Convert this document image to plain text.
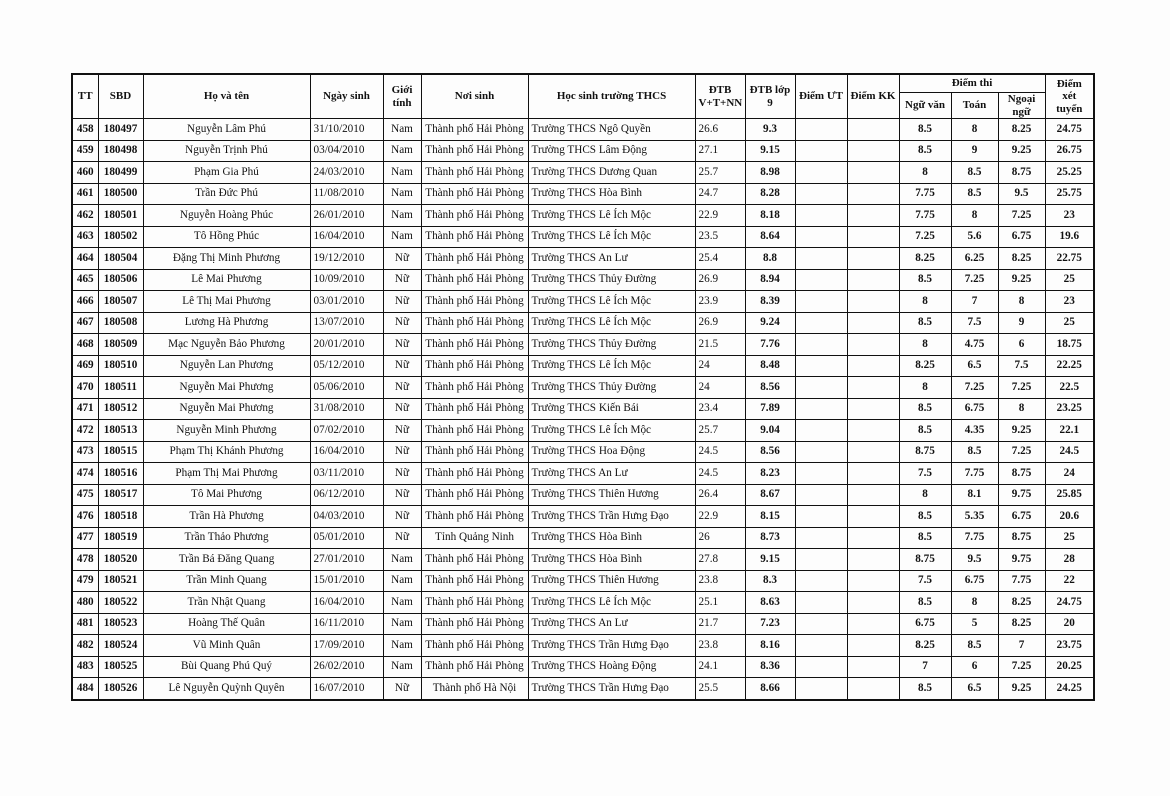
TT	SBD	Họ và tên	Ngày sinh	Giới tính	Nơi sinh	Học sinh trường THCS	ĐTB V+T+NN	ĐTB lớp 9	Điểm ƯT	Điểm KK	Điểm thi			Điểm xét tuyển
											Ngữ văn	Toán	Ngoại ngữ	
458	180497	Nguyễn Lâm Phú	31/10/2010	Nam	Thành phố Hải Phòng	Trường THCS Ngô Quyền	26.6	9.3			8.5	8	8.25	24.75
459	180498	Nguyễn Trịnh Phú	03/04/2010	Nam	Thành phố Hải Phòng	Trường THCS Lâm Động	27.1	9.15			8.5	9	9.25	26.75
460	180499	Phạm Gia Phú	24/03/2010	Nam	Thành phố Hải Phòng	Trường THCS Dương Quan	25.7	8.98			8	8.5	8.75	25.25
461	180500	Trần Đức Phú	11/08/2010	Nam	Thành phố Hải Phòng	Trường THCS Hòa Bình	24.7	8.28			7.75	8.5	9.5	25.75
462	180501	Nguyễn Hoàng Phúc	26/01/2010	Nam	Thành phố Hải Phòng	Trường THCS Lê Ích Mộc	22.9	8.18			7.75	8	7.25	23
463	180502	Tô Hồng Phúc	16/04/2010	Nam	Thành phố Hải Phòng	Trường THCS Lê Ích Mộc	23.5	8.64			7.25	5.6	6.75	19.6
464	180504	Đặng Thị Minh Phương	19/12/2010	Nữ	Thành phố Hải Phòng	Trường THCS An Lư	25.4	8.8			8.25	6.25	8.25	22.75
465	180506	Lê Mai Phương	10/09/2010	Nữ	Thành phố Hải Phòng	Trường THCS Thủy Đường	26.9	8.94			8.5	7.25	9.25	25
466	180507	Lê Thị Mai Phương	03/01/2010	Nữ	Thành phố Hải Phòng	Trường THCS Lê Ích Mộc	23.9	8.39			8	7	8	23
467	180508	Lương Hà Phương	13/07/2010	Nữ	Thành phố Hải Phòng	Trường THCS Lê Ích Mộc	26.9	9.24			8.5	7.5	9	25
468	180509	Mạc Nguyễn Bảo Phương	20/01/2010	Nữ	Thành phố Hải Phòng	Trường THCS Thủy Đường	21.5	7.76			8	4.75	6	18.75
469	180510	Nguyễn Lan Phương	05/12/2010	Nữ	Thành phố Hải Phòng	Trường THCS Lê Ích Mộc	24	8.48			8.25	6.5	7.5	22.25
470	180511	Nguyễn Mai Phương	05/06/2010	Nữ	Thành phố Hải Phòng	Trường THCS Thủy Đường	24	8.56			8	7.25	7.25	22.5
471	180512	Nguyễn Mai Phương	31/08/2010	Nữ	Thành phố Hải Phòng	Trường THCS Kiến Bái	23.4	7.89			8.5	6.75	8	23.25
472	180513	Nguyễn Minh Phương	07/02/2010	Nữ	Thành phố Hải Phòng	Trường THCS Lê Ích Mộc	25.7	9.04			8.5	4.35	9.25	22.1
473	180515	Phạm Thị Khánh Phương	16/04/2010	Nữ	Thành phố Hải Phòng	Trường THCS Hoa Động	24.5	8.56			8.75	8.5	7.25	24.5
474	180516	Phạm Thị Mai Phương	03/11/2010	Nữ	Thành phố Hải Phòng	Trường THCS An Lư	24.5	8.23			7.5	7.75	8.75	24
475	180517	Tô Mai Phương	06/12/2010	Nữ	Thành phố Hải Phòng	Trường THCS Thiên Hương	26.4	8.67			8	8.1	9.75	25.85
476	180518	Trần Hà Phương	04/03/2010	Nữ	Thành phố Hải Phòng	Trường THCS Trần Hưng Đạo	22.9	8.15			8.5	5.35	6.75	20.6
477	180519	Trần Thảo Phương	05/01/2010	Nữ	Tỉnh Quảng Ninh	Trường THCS Hòa Bình	26	8.73			8.5	7.75	8.75	25
478	180520	Trần Bá Đăng Quang	27/01/2010	Nam	Thành phố Hải Phòng	Trường THCS Hòa Bình	27.8	9.15			8.75	9.5	9.75	28
479	180521	Trần Minh Quang	15/01/2010	Nam	Thành phố Hải Phòng	Trường THCS Thiên Hương	23.8	8.3			7.5	6.75	7.75	22
480	180522	Trần Nhật Quang	16/04/2010	Nam	Thành phố Hải Phòng	Trường THCS Lê Ích Mộc	25.1	8.63			8.5	8	8.25	24.75
481	180523	Hoàng Thế Quân	16/11/2010	Nam	Thành phố Hải Phòng	Trường THCS An Lư	21.7	7.23			6.75	5	8.25	20
482	180524	Vũ Minh Quân	17/09/2010	Nam	Thành phố Hải Phòng	Trường THCS Trần Hưng Đạo	23.8	8.16			8.25	8.5	7	23.75
483	180525	Bùi Quang Phú Quý	26/02/2010	Nam	Thành phố Hải Phòng	Trường THCS Hoàng Động	24.1	8.36			7	6	7.25	20.25
484	180526	Lê Nguyễn Quỳnh Quyên	16/07/2010	Nữ	Thành phố Hà Nội	Trường THCS Trần Hưng Đạo	25.5	8.66			8.5	6.5	9.25	24.25
